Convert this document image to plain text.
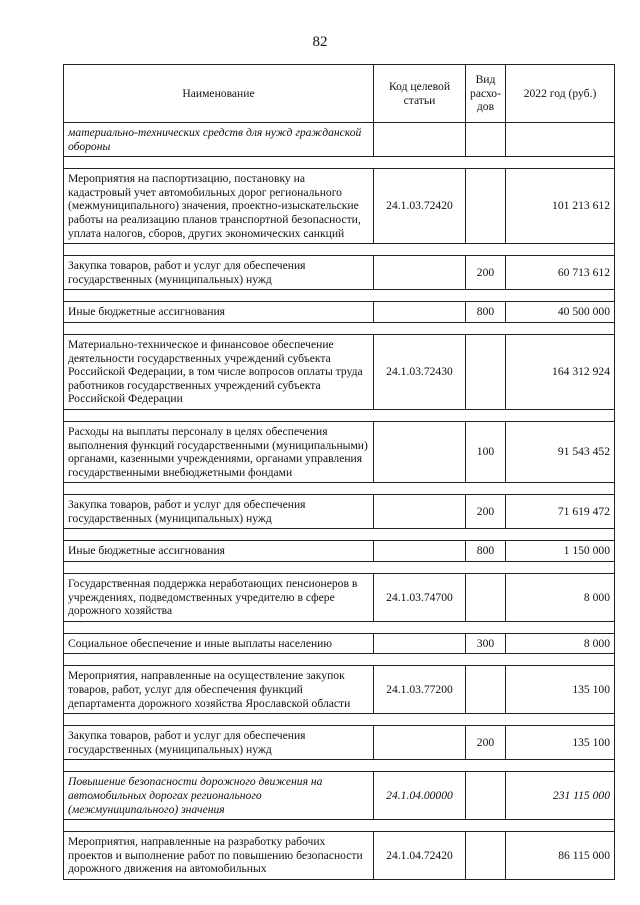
82
Наименование	Код целевой статьи	Вид расхо-дов	2022 год (руб.)
материально-технических средств для нужд гражданской обороны			

Мероприятия на паспортизацию, постановку на кадастровый учет автомобильных дорог регионального (межмуниципального) значения, проектно-изыскательские работы на реализацию планов транспортной безопасности, уплата налогов, сборов, других экономических санкций	24.1.03.72420		101 213 612

Закупка товаров, работ и услуг для обеспечения государственных (муниципальных) нужд		200	60 713 612

Иные бюджетные ассигнования		800	40 500 000

Материально-техническое и финансовое обеспечение деятельности государственных учреждений субъекта Российской Федерации, в том числе вопросов оплаты труда работников государственных учреждений субъекта Российской Федерации	24.1.03.72430		164 312 924

Расходы на выплаты персоналу в целях обеспечения выполнения функций государственными (муниципальными) органами, казенными учреждениями, органами управления государственными внебюджетными фондами		100	91 543 452

Закупка товаров, работ и услуг для обеспечения государственных (муниципальных) нужд		200	71 619 472

Иные бюджетные ассигнования		800	1 150 000

Государственная поддержка неработающих пенсионеров в учреждениях, подведомственных учредителю в сфере дорожного хозяйства	24.1.03.74700		8 000

Социальное обеспечение и иные выплаты населению		300	8 000

Мероприятия, направленные на осуществление закупок товаров, работ, услуг для обеспечения функций департамента дорожного хозяйства Ярославской области	24.1.03.77200		135 100

Закупка товаров, работ и услуг для обеспечения государственных (муниципальных) нужд		200	135 100

Повышение безопасности дорожного движения на автомобильных дорогах регионального (межмуниципального) значения	24.1.04.00000		231 115 000

Мероприятия, направленные на разработку рабочих проектов и выполнение работ по повышению безопасности дорожного движения на автомобильных	24.1.04.72420		86 115 000
